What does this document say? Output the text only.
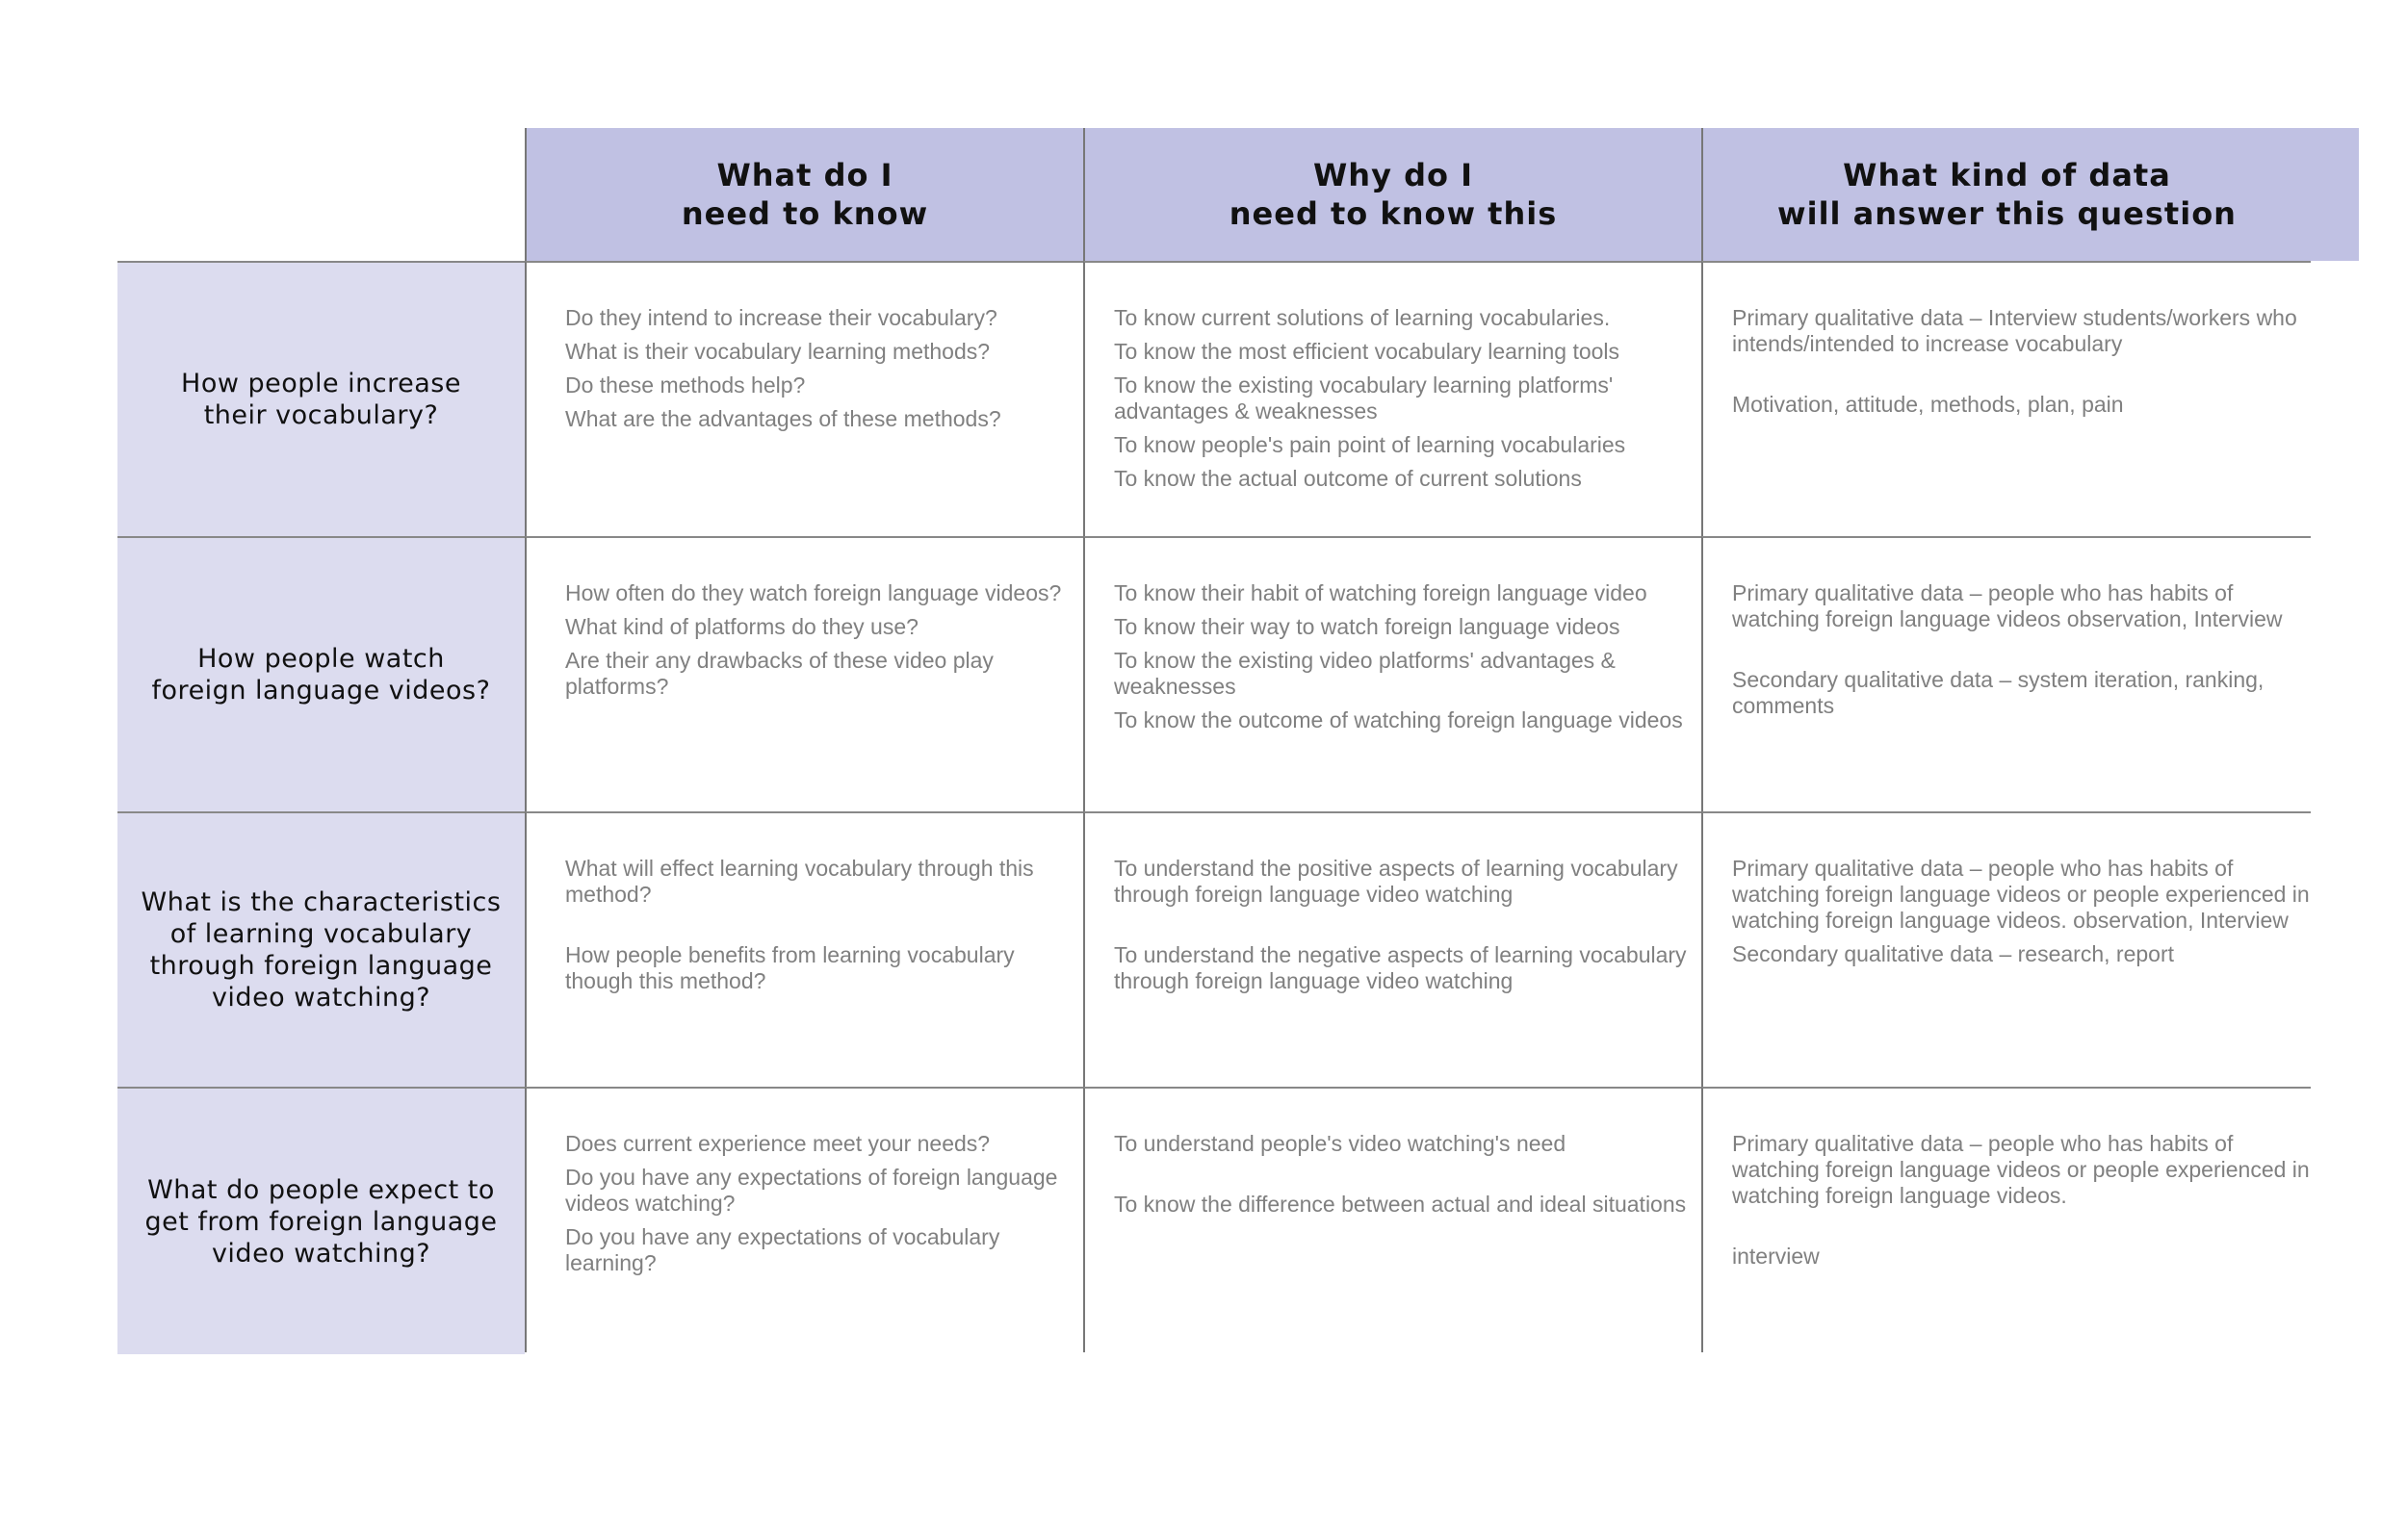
What do I
need to know
Why do I
need to know this
What kind of data
will answer this question
How people increase
their vocabulary?
Do they intend to increase their vocabulary?
What is their vocabulary learning methods?
Do these methods help?
What are the advantages of these methods?
To know current solutions of learning vocabularies.
To know the most efficient vocabulary learning tools
To know the existing vocabulary learning platforms' advantages & weaknesses
To know people's pain point of learning vocabularies
To know the actual outcome of current solutions
Primary qualitative data – Interview students/workers who intends/intended to increase vocabulary
Motivation, attitude, methods, plan, pain
How people watch
foreign language videos?
How often do they watch foreign language videos?
What kind of platforms do they use?
Are their any drawbacks of these video play platforms?
To know their habit of watching foreign language video
To know their way to watch foreign language videos
To know the existing video platforms' advantages & weaknesses
To know the outcome of watching foreign language videos
Primary qualitative data – people who has habits of watching foreign language videos observation, Interview
Secondary qualitative data – system iteration, ranking, comments
What is the characteristics
of learning vocabulary
through foreign language
video watching?
What will effect learning vocabulary through this method?
How people benefits from learning vocabulary though this method?
To understand the positive aspects of learning vocabulary through foreign language video watching
To understand the negative aspects of learning vocabulary through foreign language video watching
Primary qualitative data – people who has habits of watching foreign language videos or people experienced in watching foreign language videos. observation, Interview
Secondary qualitative data – research, report
What do people expect to
get from foreign language
video watching?
Does current experience meet your needs?
Do you have any expectations of foreign language videos watching?
Do you have any expectations of vocabulary learning?
To understand people's video watching's need
To know the difference between actual and ideal situations
Primary qualitative data – people who has habits of watching foreign language videos or people experienced in watching foreign language videos.
interview
